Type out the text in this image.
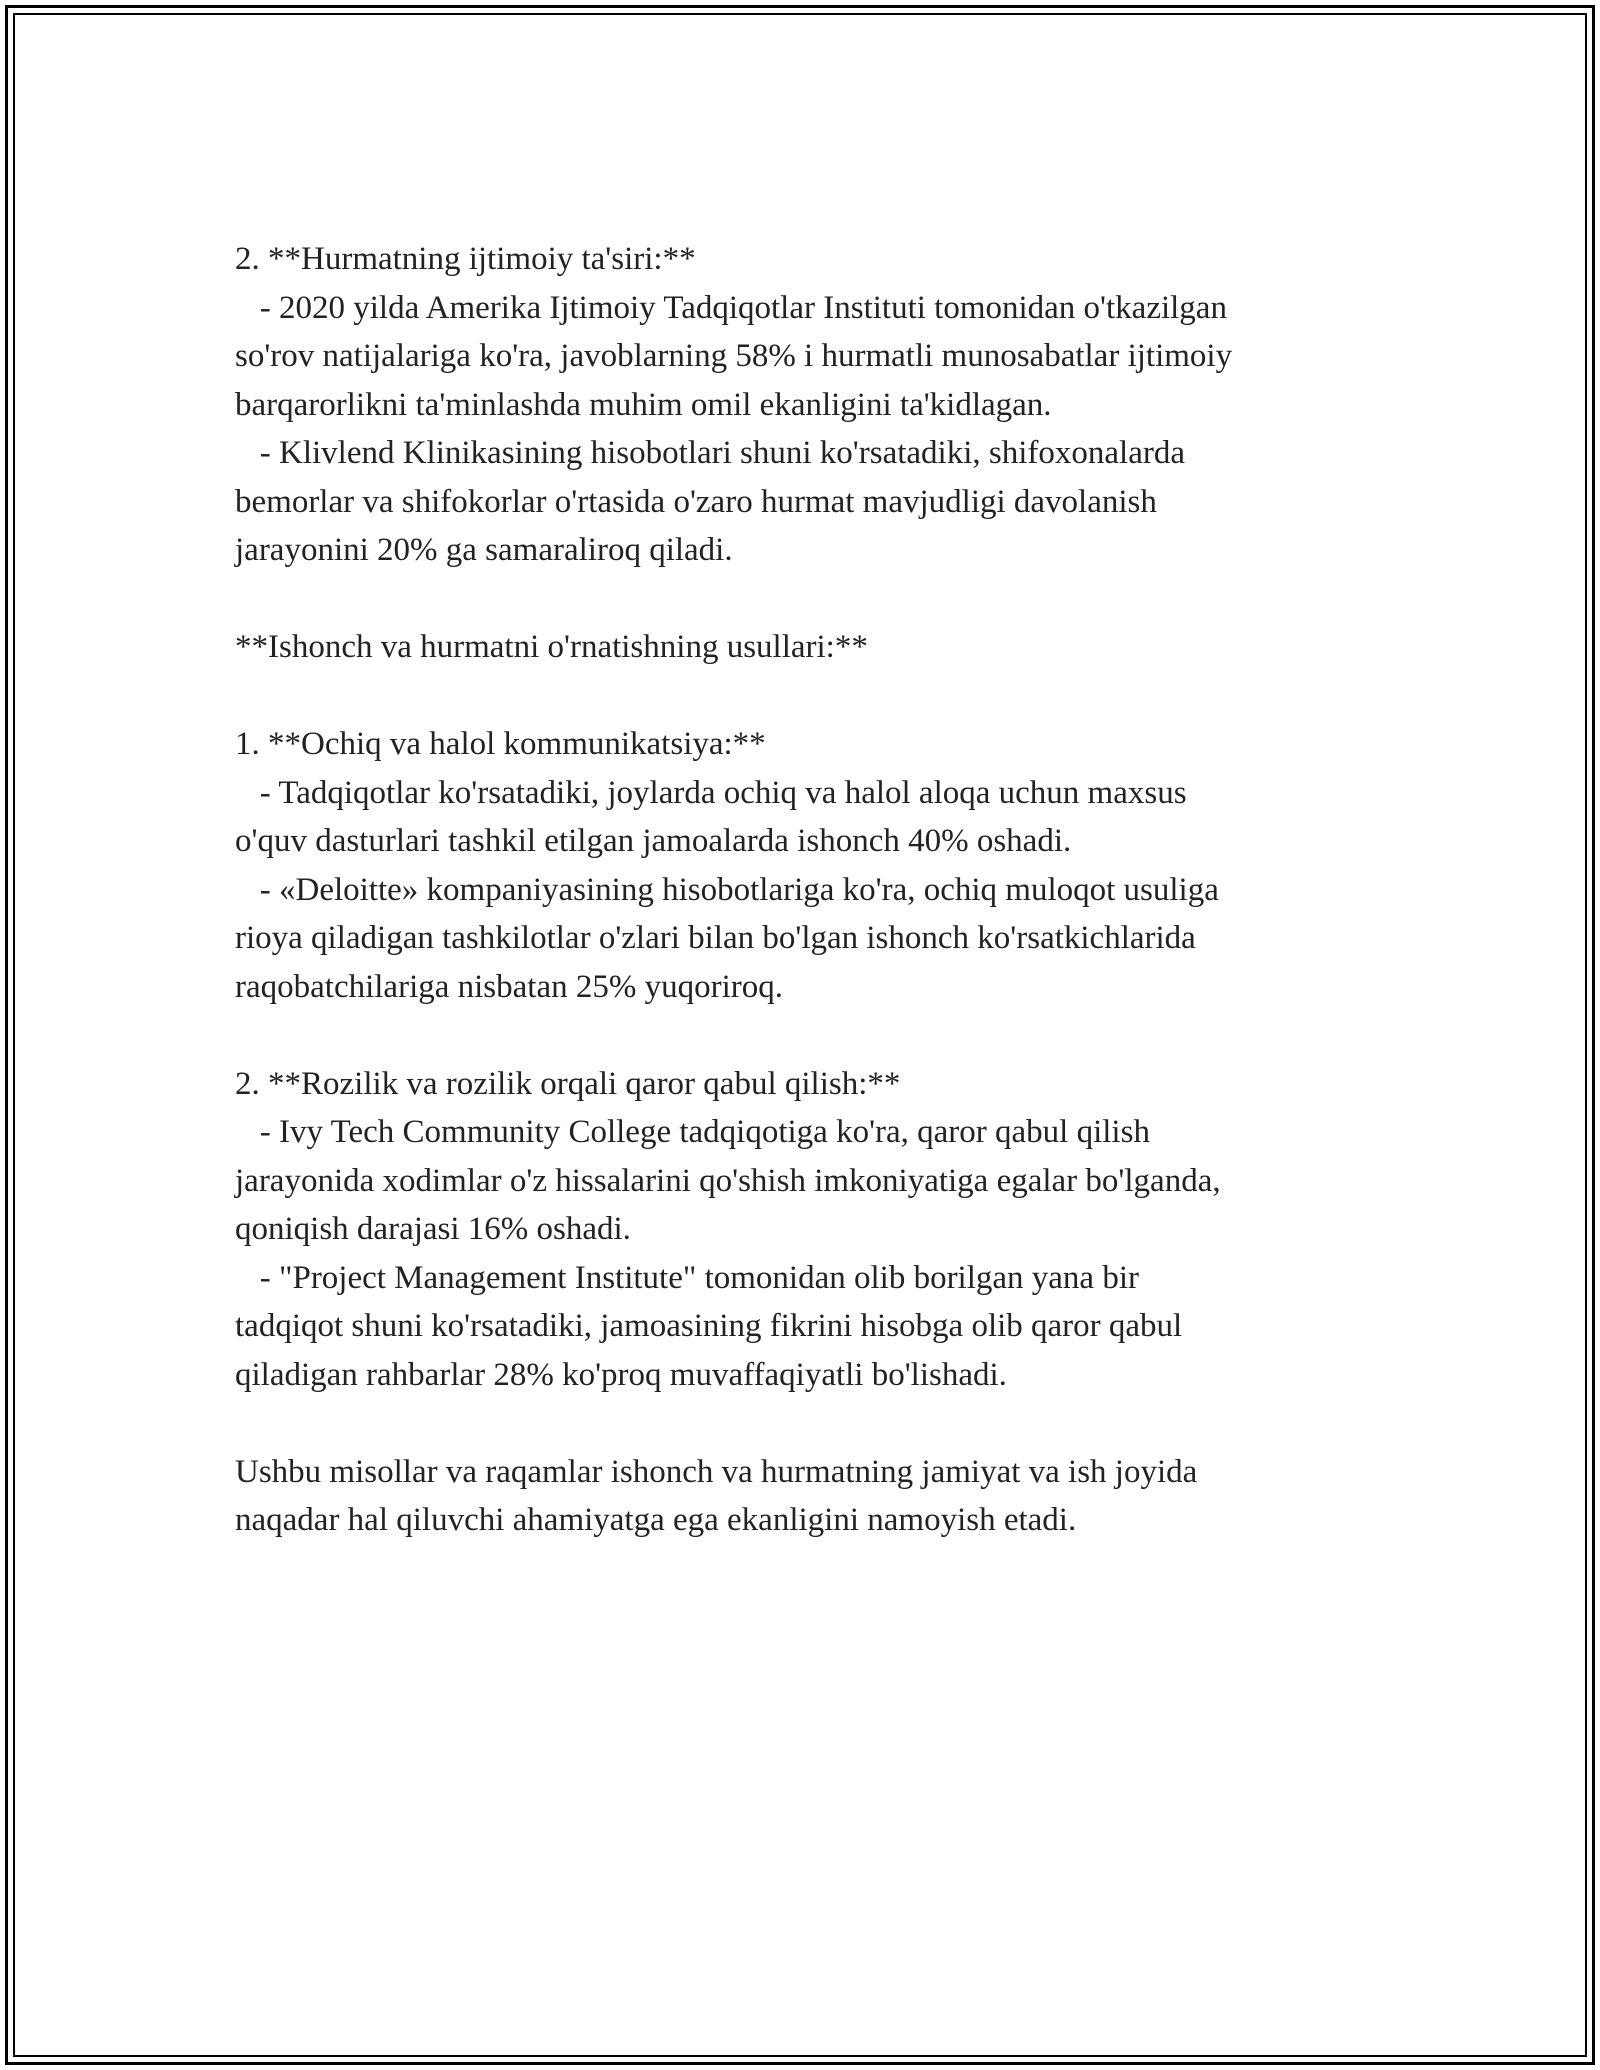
2. **Hurmatning ijtimoiy ta'siri:**
- 2020 yilda Amerika Ijtimoiy Tadqiqotlar Instituti tomonidan o'tkazilgan
so'rov natijalariga ko'ra, javoblarning 58% i hurmatli munosabatlar ijtimoiy
barqarorlikni ta'minlashda muhim omil ekanligini ta'kidlagan.
- Klivlend Klinikasining hisobotlari shuni ko'rsatadiki, shifoxonalarda
bemorlar va shifokorlar o'rtasida o'zaro hurmat mavjudligi davolanish
jarayonini 20% ga samaraliroq qiladi.
**Ishonch va hurmatni o'rnatishning usullari:**
1. **Ochiq va halol kommunikatsiya:**
- Tadqiqotlar ko'rsatadiki, joylarda ochiq va halol aloqa uchun maxsus
o'quv dasturlari tashkil etilgan jamoalarda ishonch 40% oshadi.
- «Deloitte» kompaniyasining hisobotlariga ko'ra, ochiq muloqot usuliga
rioya qiladigan tashkilotlar o'zlari bilan bo'lgan ishonch ko'rsatkichlarida
raqobatchilariga nisbatan 25% yuqoriroq.
2. **Rozilik va rozilik orqali qaror qabul qilish:**
- Ivy Tech Community College tadqiqotiga ko'ra, qaror qabul qilish
jarayonida xodimlar o'z hissalarini qo'shish imkoniyatiga egalar bo'lganda,
qoniqish darajasi 16% oshadi.
- "Project Management Institute" tomonidan olib borilgan yana bir
tadqiqot shuni ko'rsatadiki, jamoasining fikrini hisobga olib qaror qabul
qiladigan rahbarlar 28% ko'proq muvaffaqiyatli bo'lishadi.
Ushbu misollar va raqamlar ishonch va hurmatning jamiyat va ish joyida
naqadar hal qiluvchi ahamiyatga ega ekanligini namoyish etadi.
